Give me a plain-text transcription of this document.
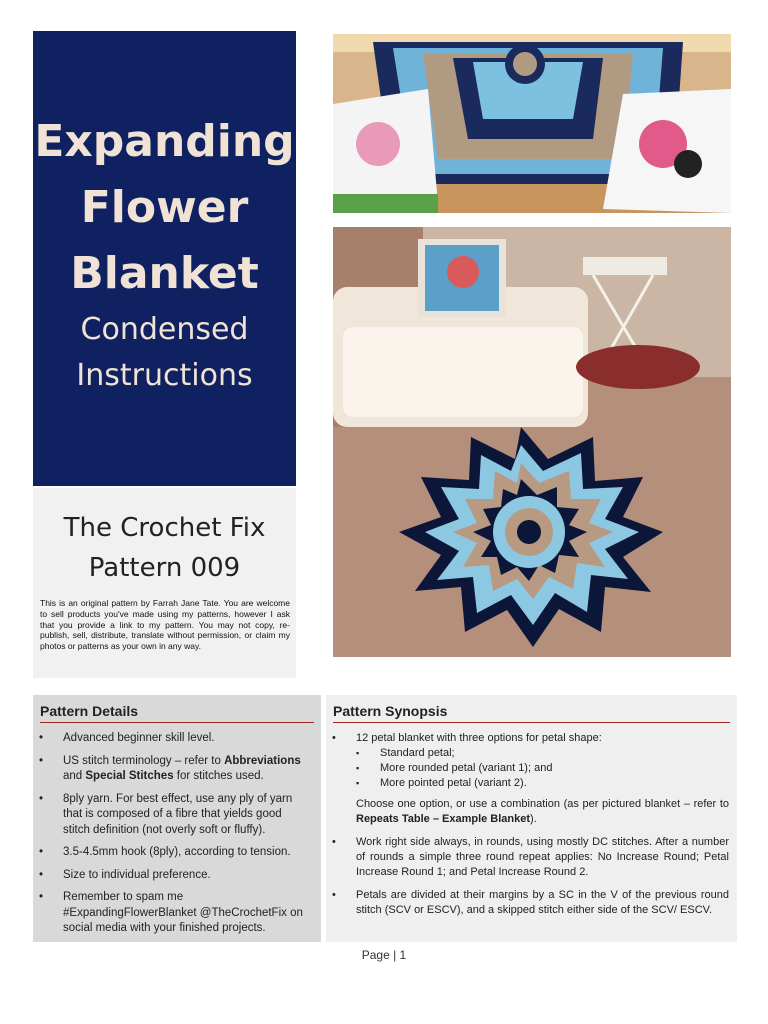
Expanding
Flower
Blanket
Condensed
Instructions
The Crochet Fix
Pattern 009
This is an original pattern by Farrah Jane Tate. You are welcome to sell products you've made using my patterns, however I ask that you provide a link to my pattern. You may not copy, re-publish, sell, distribute, translate without permission, or claim my photos or patterns as your own in any way.
Pattern Details
• Advanced beginner skill level.
• US stitch terminology – refer to Abbreviations and Special Stitches for stitches used.
• 8ply yarn. For best effect, use any ply of yarn that is composed of a fibre that yields good stitch definition (not overly soft or fluffy).
• 3.5-4.5mm hook (8ply), according to tension.
• Size to individual preference.
• Remember to spam me #ExpandingFlowerBlanket @TheCrochetFix on social media with your finished projects.
Pattern Synopsis
• 12 petal blanket with three options for petal shape:
▪ Standard petal;
▪ More rounded petal (variant 1); and
▪ More pointed petal (variant 2).

Choose one option, or use a combination (as per pictured blanket – refer to Repeats Table – Example Blanket).

• Work right side always, in rounds, using mostly DC stitches. After a number of rounds a simple three round repeat applies: No Increase Round; Petal Increase Round 1; and Petal Increase Round 2.
• Petals are divided at their margins by a SC in the V of the previous round stitch (SCV or ESCV), and a skipped stitch either side of the SCV/ ESCV.
Page | 1
